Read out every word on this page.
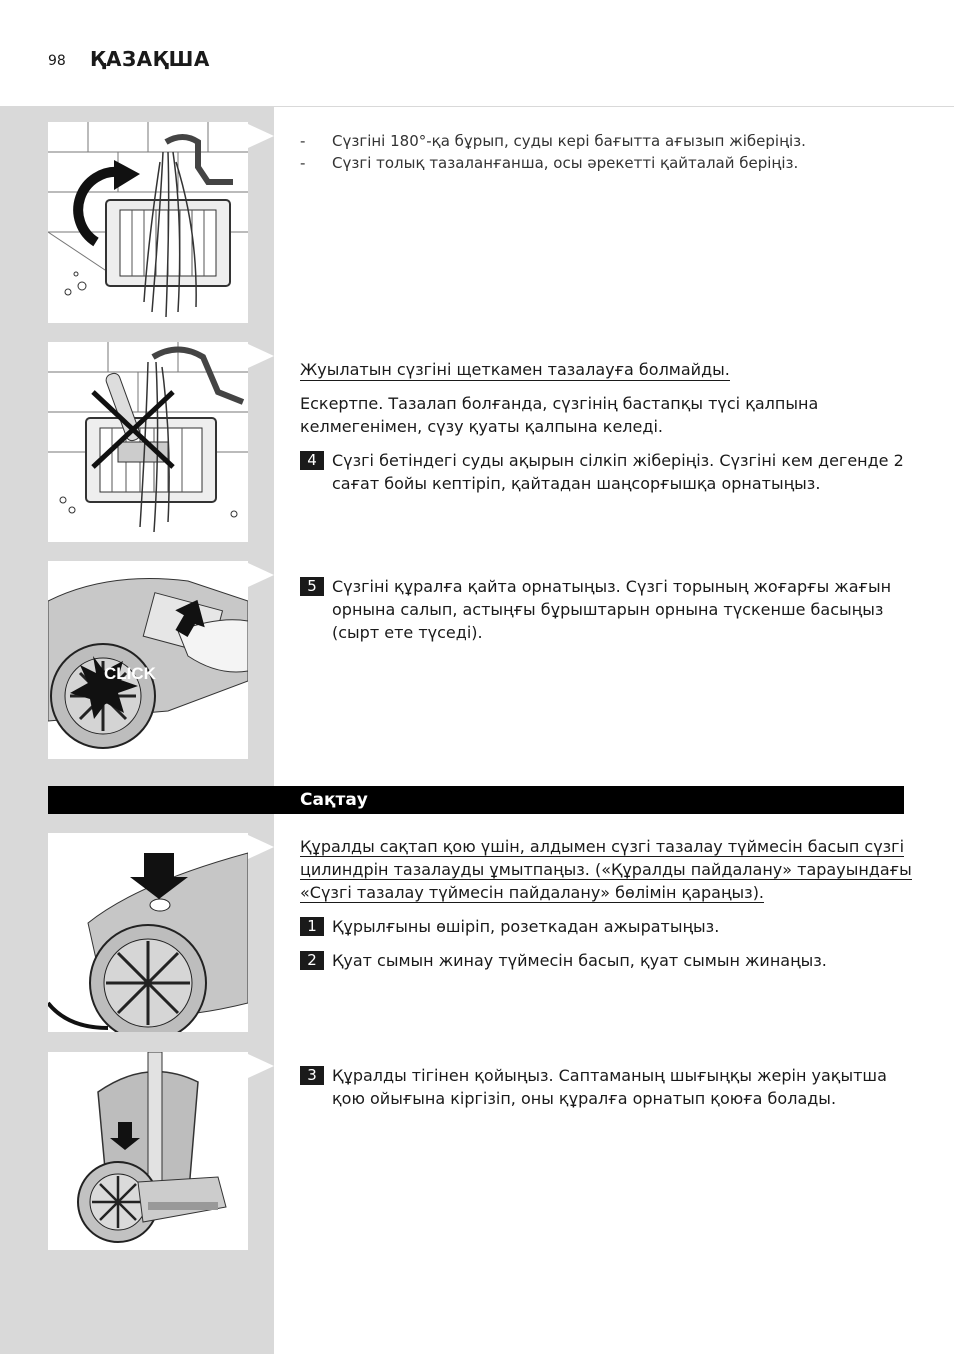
98 ҚАЗАҚША
- Сүзгіні 180°-қа бұрып, суды кері бағытта ағызып жіберіңіз.
- Сүзгі толық тазаланғанша, осы әрекетті қайталай беріңіз.
Жуылатын сүзгіні щеткамен тазалауға болмайды.
Ескертпе. Тазалап болғанда, сүзгінің бастапқы түсі қалпына
келмегенімен, сүзу қуаты қалпына келеді.
4 Сүзгі бетіндегі суды ақырын сілкіп жіберіңіз. Сүзгіні кем дегенде 2
сағат бойы кептіріп, қайтадан шаңсорғышқа орнатыңыз.
CLICK
5 Сүзгіні құралға қайта орнатыңыз. Сүзгі торының жоғарғы жағын
орнына салып, астыңғы бұрыштарын орнына түскенше басыңыз
(сырт ете түседі).
Сақтау
Құралды сақтап қою үшін, алдымен сүзгі тазалау түймесін басып сүзгі
цилиндрін тазалауды ұмытпаңыз. («Құралды пайдалану» тарауындағы
«Сүзгі тазалау түймесін пайдалану» бөлімін қараңыз).
1 Құрылғыны өшіріп, розеткадан ажыратыңыз.
2 Қуат сымын жинау түймесін басып, қуат сымын жинаңыз.
3 Құралды тігінен қойыңыз. Саптаманың шығыңқы жерін уақытша
қою ойығына кіргізіп, оны құралға орнатып қоюға болады.
